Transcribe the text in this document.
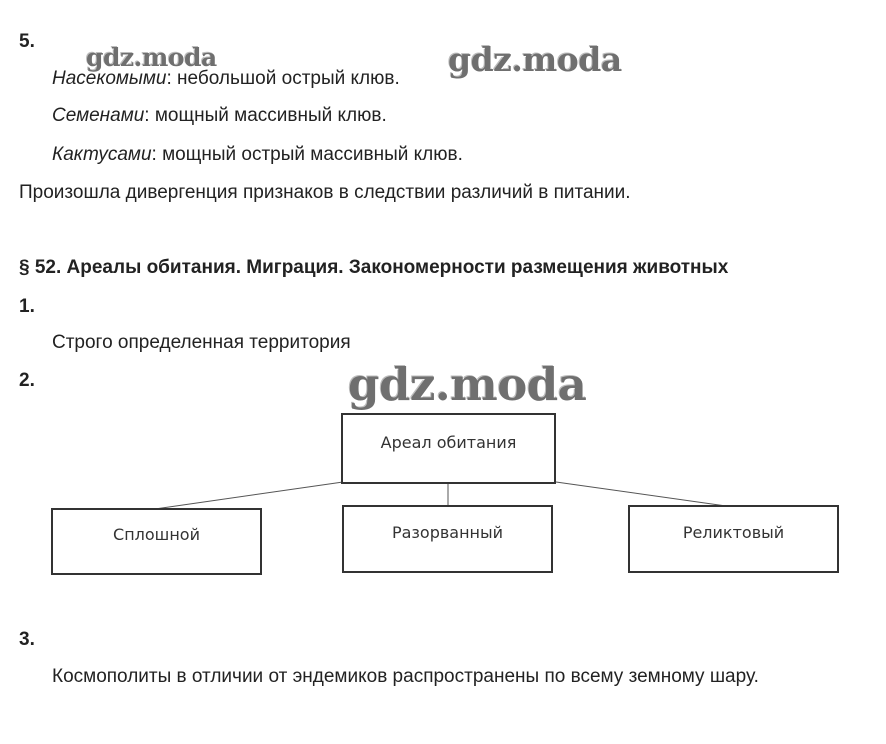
gdz.moda	gdz.moda
gdz.moda
5.
Насекомыми: небольшой острый клюв.
Семенами: мощный массивный клюв.
Кактусами: мощный острый массивный клюв.
Произошла дивергенция признаков в следствии различий в питании.
§ 52. Ареалы обитания. Миграция. Закономерности размещения животных
1.
Строго определенная территория
2.
Ареал обитания
Сплошной	Разорванный	Реликтовый
3.
Космополиты в отличии от эндемиков распространены по всему земному шару.
